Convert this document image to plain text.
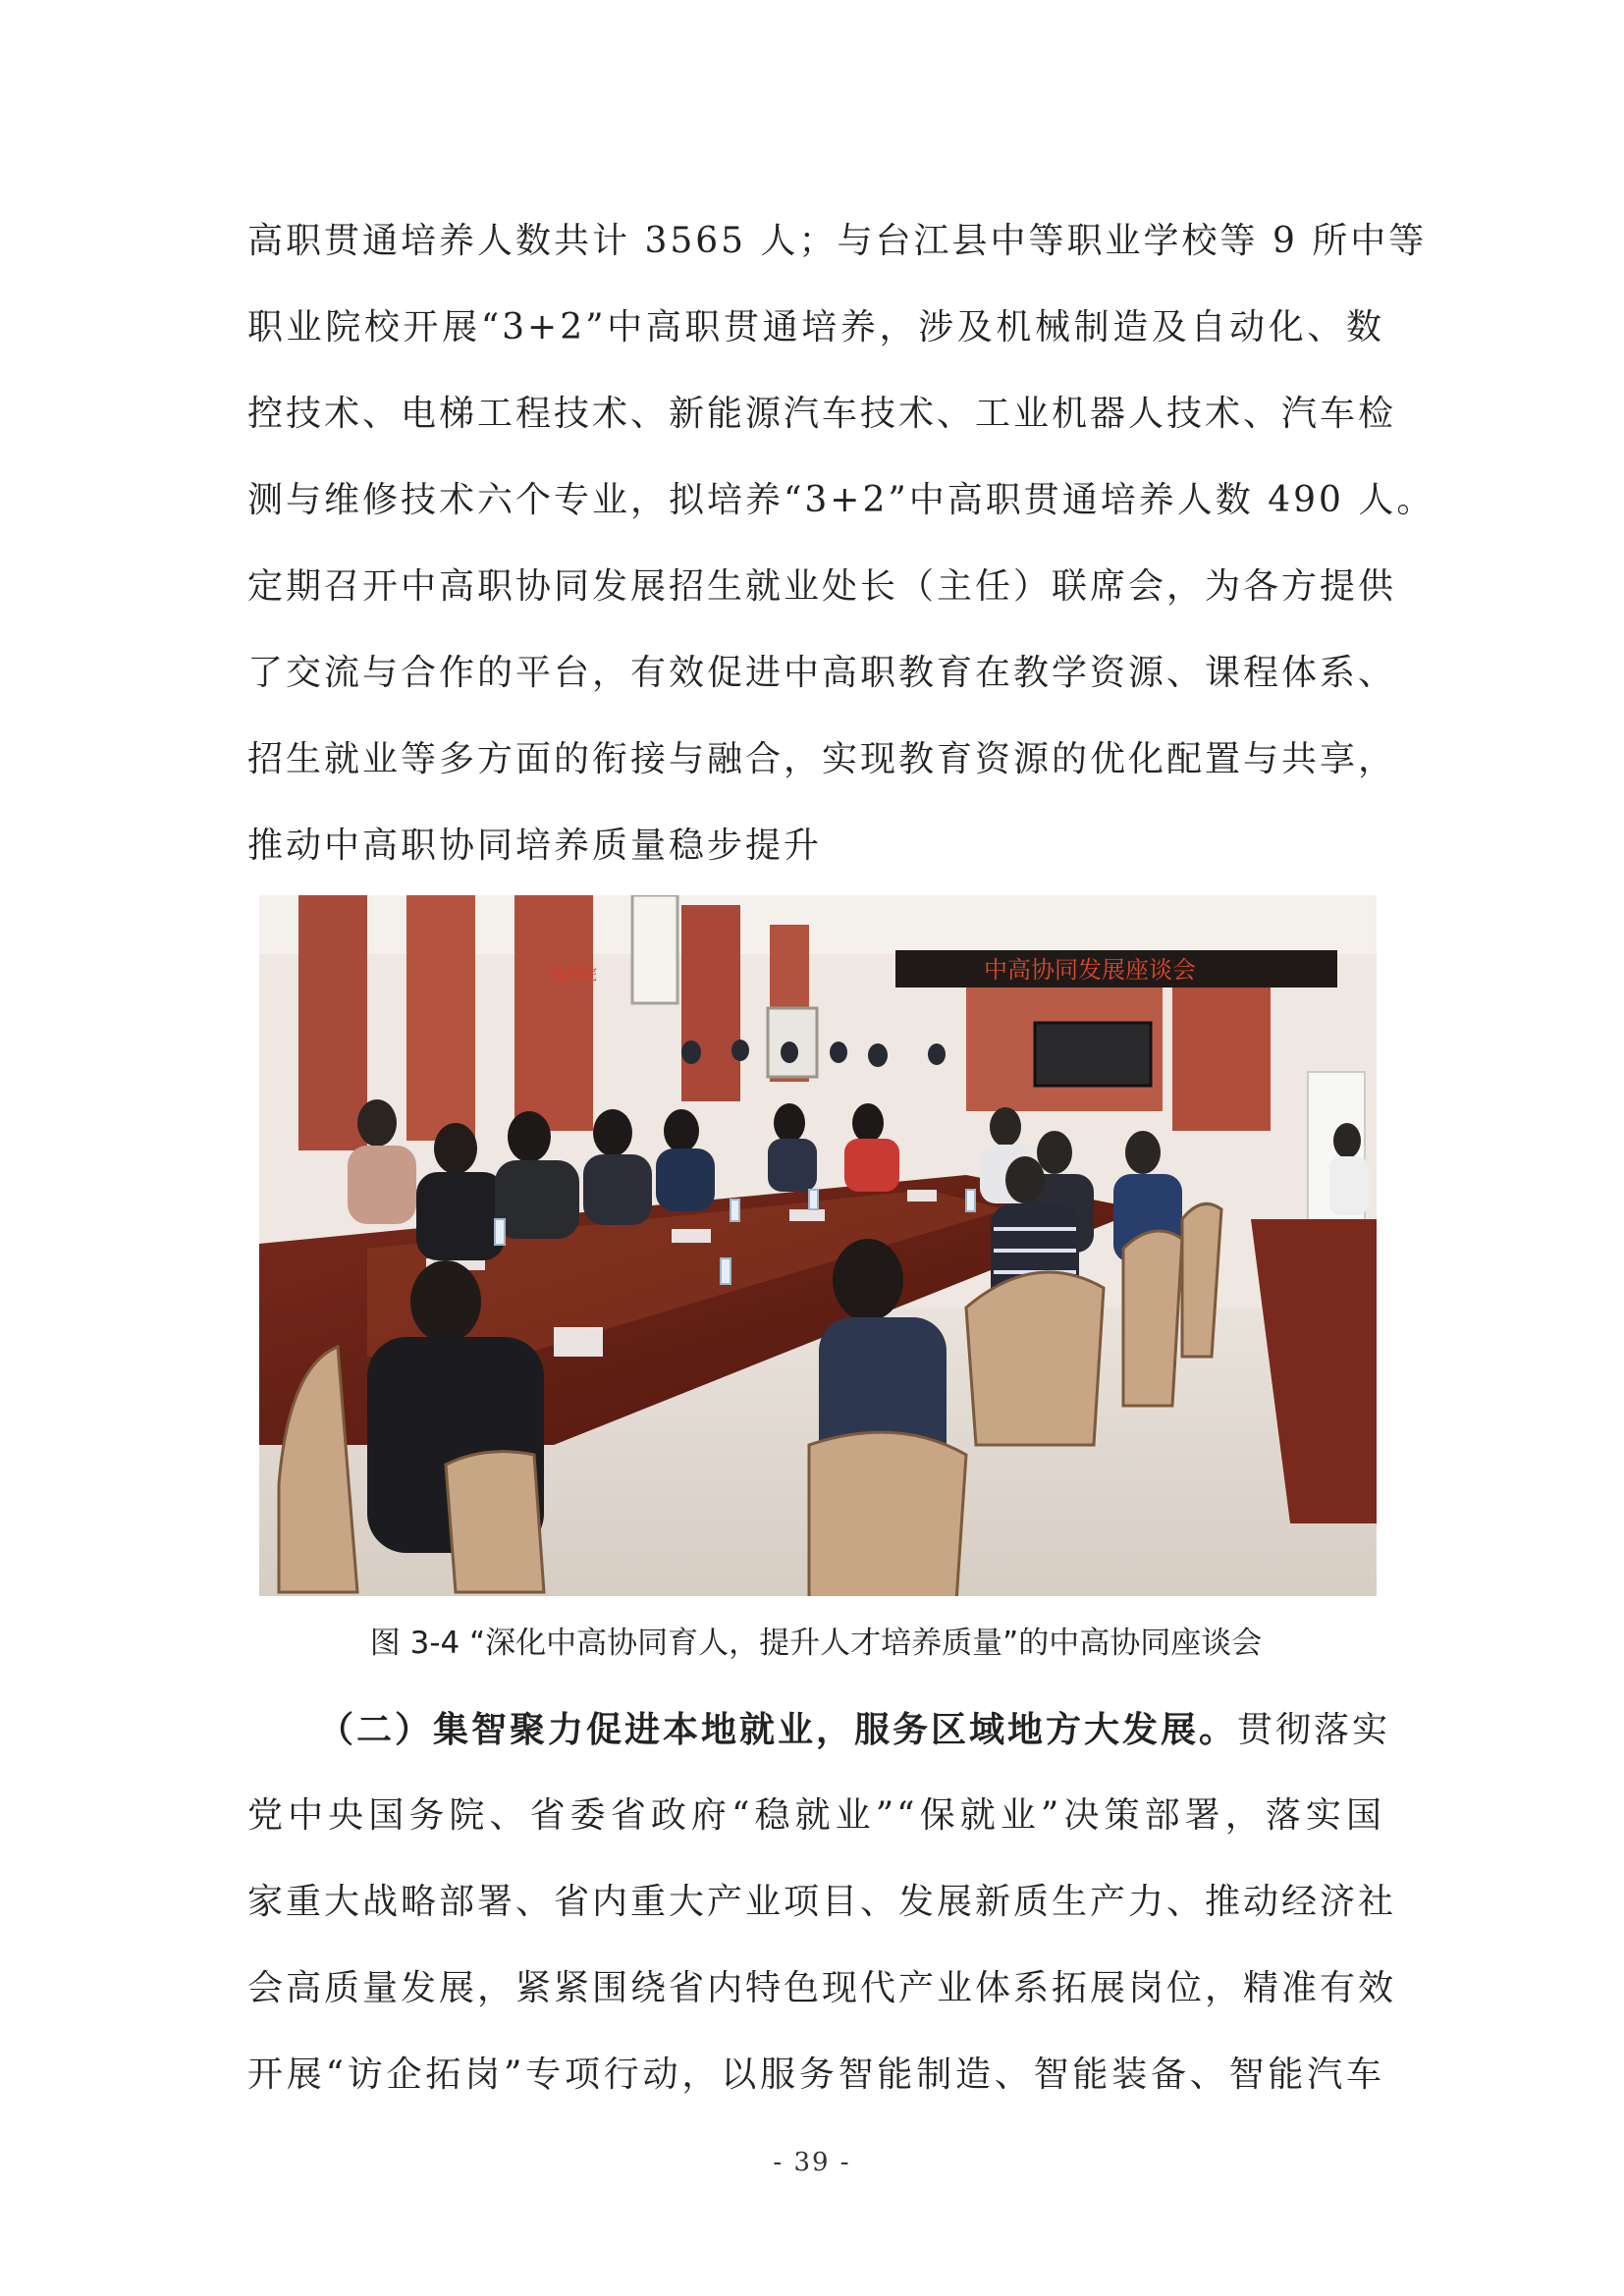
高职贯通培养人数共计 3565 人；与台江县中等职业学校等 9 所中等
职业院校开展“3+2”中高职贯通培养，涉及机械制造及自动化、数
控技术、电梯工程技术、新能源汽车技术、工业机器人技术、汽车检
测与维修技术六个专业，拟培养“3+2”中高职贯通培养人数 490 人。
定期召开中高职协同发展招生就业处长（主任）联席会，为各方提供
了交流与合作的平台，有效促进中高职教育在教学资源、课程体系、
招生就业等多方面的衔接与融合，实现教育资源的优化配置与共享，
推动中高职协同培养质量稳步提升
中高协同发展座谈会
福利院
图 3-4 “深化中高协同育人，提升人才培养质量”的中高协同座谈会
（二）集智聚力促进本地就业，服务区域地方大发展。贯彻落实
党中央国务院、省委省政府“稳就业”“保就业”决策部署，落实国
家重大战略部署、省内重大产业项目、发展新质生产力、推动经济社
会高质量发展，紧紧围绕省内特色现代产业体系拓展岗位，精准有效
开展“访企拓岗”专项行动，以服务智能制造、智能装备、智能汽车
- 39 -
